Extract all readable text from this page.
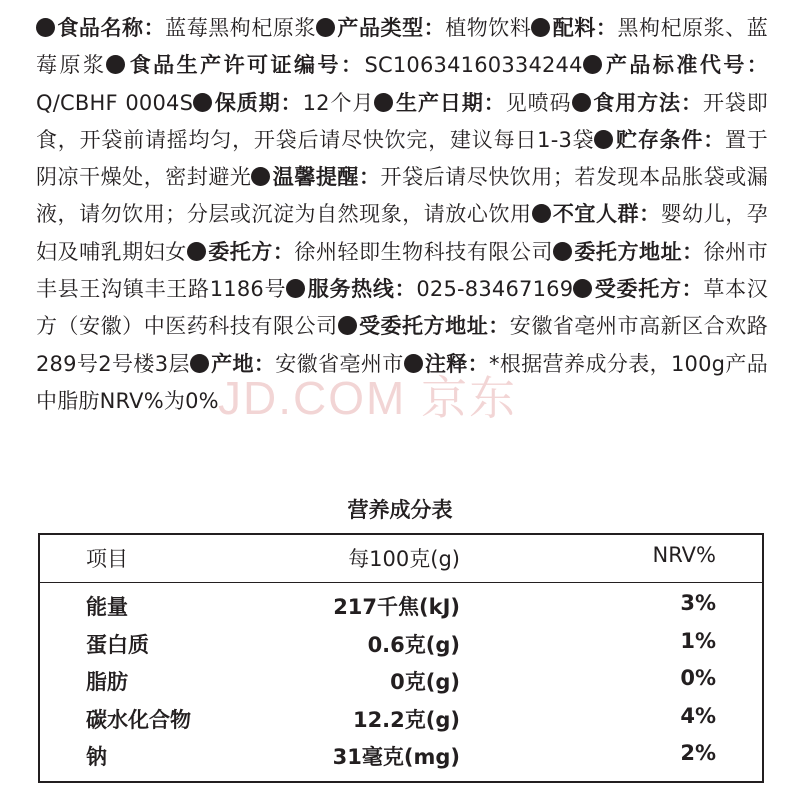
食品名称：蓝莓黑枸杞原浆 产品类型：植物饮料 配料：黑枸杞原浆、蓝莓原浆 食品生产许可证编号：SC10634160334244 产品标准代号：Q/CBHF 0004S 保质期：12个月 生产日期：见喷码 食用方法：开袋即食，开袋前请摇均匀，开袋后请尽快饮完，建议每日1-3袋 贮存条件：置于阴凉干燥处，密封避光 温馨提醒：开袋后请尽快饮用；若发现本品胀袋或漏液，请勿饮用；分层或沉淀为自然现象，请放心饮用 不宜人群：婴幼儿，孕妇及哺乳期妇女 委托方：徐州轻即生物科技有限公司 委托方地址：徐州市丰县王沟镇丰王路1186号 服务热线：025-83467169 受委托方：草本汉方（安徽）中医药科技有限公司 受委托方地址：安徽省亳州市高新区合欢路289号2号楼3层 产地：安徽省亳州市 注释：*根据营养成分表，100g产品中脂肪NRV%为0% JD.COM 京东
营养成分表
项目	每100克(g)	NRV%
能量	217千焦(kJ)	3%
蛋白质	0.6克(g)	1%
脂肪	0克(g)	0%
碳水化合物	12.2克(g)	4%
钠	31毫克(mg)	2%
